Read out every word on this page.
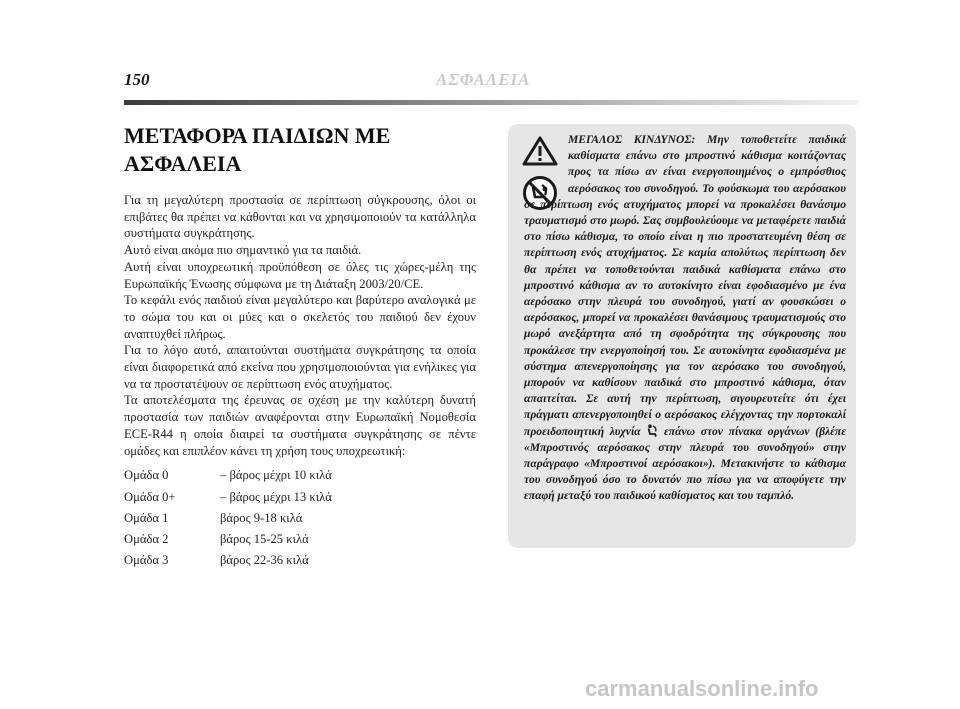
150	ΑΣΦΑΛΕΙΑ
ΜΕΤΑΦΟΡΑ ΠΑΙΔΙΩΝ ΜΕ
ΑΣΦΑΛΕΙΑ

Για τη μεγαλύτερη προστασία σε περίπτωση σύγκρουσης, όλοι οι επιβάτες θα πρέπει να κάθονται και να χρησιμοποιούν τα κατάλληλα συστήματα συγκράτησης.
Αυτό είναι ακόμα πιο σημαντικό για τα παιδιά.
Αυτή είναι υποχρεωτική προϋπόθεση σε όλες τις χώρες-μέλη της Ευρωπαϊκής Ένωσης σύμφωνα με τη Διάταξη 2003/20/CE.
Το κεφάλι ενός παιδιού είναι μεγαλύτερο και βαρύτερο αναλογικά με το σώμα του και οι μύες και ο σκελετός του παιδιού δεν έχουν αναπτυχθεί πλήρως.
Για το λόγο αυτό, απαιτούνται συστήματα συγκράτησης τα οποία είναι διαφορετικά από εκείνα που χρησιμοποιούνται για ενήλικες για να τα προστατέψουν σε περίπτωση ενός ατυχήματος.
Τα αποτελέσματα της έρευνας σε σχέση με την καλύτερη δυνατή προστασία των παιδιών αναφέρονται στην Ευρωπαϊκή Νομοθεσία ECE-R44 η οποία διαιρεί τα συστήματα συγκράτησης σε πέντε ομάδες και επιπλέον κάνει τη χρήση τους υποχρεωτική:

Ομάδα 0	– βάρος μέχρι 10 κιλά
Ομάδα 0+	– βάρος μέχρι 13 κιλά
Ομάδα 1	βάρος 9-18 κιλά
Ομάδα 2	βάρος 15-25 κιλά
Ομάδα 3	βάρος 22-36 κιλά

ΜΕΓΑΛΟΣ ΚΙΝΔΥΝΟΣ: Μην τοποθετείτε παιδικά καθίσματα επάνω στο μπροστινό κάθισμα κοιτάζοντας προς τα πίσω αν είναι ενεργοποιημένος ο εμπρόσθιος αερόσακος του συνοδηγού. Το φούσκωμα του αερόσακου σε περίπτωση ενός ατυχήματος μπορεί να προκαλέσει θανάσιμο τραυματισμό στο μωρό. Σας συμβουλεύουμε να μεταφέρετε παιδιά στο πίσω κάθισμα, το οποίο είναι η πιο προστατευμένη θέση σε περίπτωση ενός ατυχήματος. Σε καμία απολύτως περίπτωση δεν θα πρέπει να τοποθετούνται παιδικά καθίσματα επάνω στο μπροστινό κάθισμα αν το αυτοκίνητο είναι εφοδιασμένο με ένα αερόσακο στην πλευρά του συνοδηγού, γιατί αν φουσκώσει ο αερόσακος, μπορεί να προκαλέσει θανάσιμους τραυματισμούς στο μωρό ανεξάρτητα από τη σφοδρότητα της σύγκρουσης που προκάλεσε την ενεργοποίησή του. Σε αυτοκίνητα εφοδιασμένα με σύστημα απενεργοποίησης για τον αερόσακο του συνοδηγού, μπορούν να καθίσουν παιδικά στο μπροστινό κάθισμα, όταν απαιτείται. Σε αυτή την περίπτωση, σιγουρευτείτε ότι έχει πράγματι απενεργοποιηθεί ο αερόσακος ελέγχοντας την πορτοκαλί προειδοποιητική λυχνία επάνω στον πίνακα οργάνων (βλέπε «Μπροστινός αερόσακος στην πλευρά του συνοδηγού» στην παράγραφο «Μπροστινοί αερόσακοι»). Μετακινήστε το κάθισμα του συνοδηγού όσο το δυνατόν πιο πίσω για να αποφύγετε την επαφή μεταξύ του παιδικού καθίσματος και του ταμπλό.
carmanualsonline.info
